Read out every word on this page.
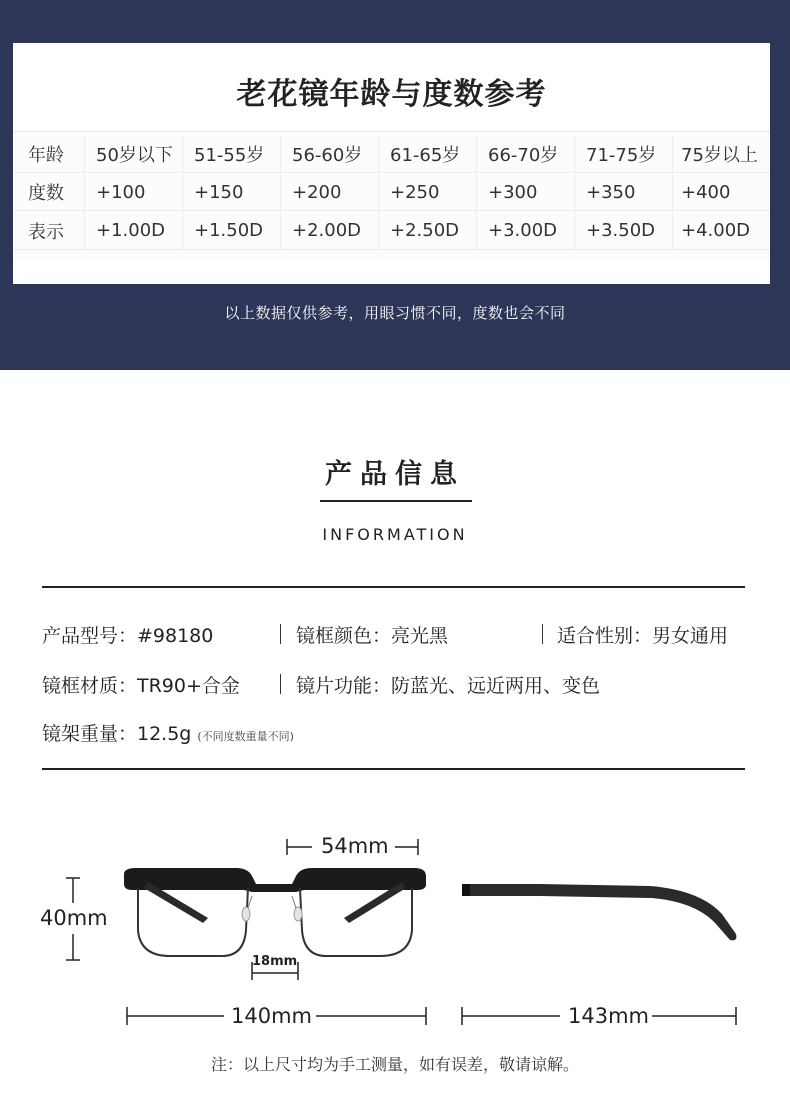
老花镜年龄与度数参考
年龄	50岁以下	51-55岁	56-60岁	61-65岁	66-70岁	71-75岁	75岁以上
度数	+100	+150	+200	+250	+300	+350	+400
表示	+1.00D	+1.50D	+2.00D	+2.50D	+3.00D	+3.50D	+4.00D
以上数据仅供参考，用眼习惯不同，度数也会不同
产品信息
INFORMATION
产品型号：#98180	镜框颜色：亮光黑	适合性别：男女通用
镜框材质：TR90+合金	镜片功能：防蓝光、远近两用、变色
镜架重量：12.5g (不同度数重量不同)
54mm
40mm
18mm
140mm	143mm
注：以上尺寸均为手工测量，如有误差，敬请谅解。
